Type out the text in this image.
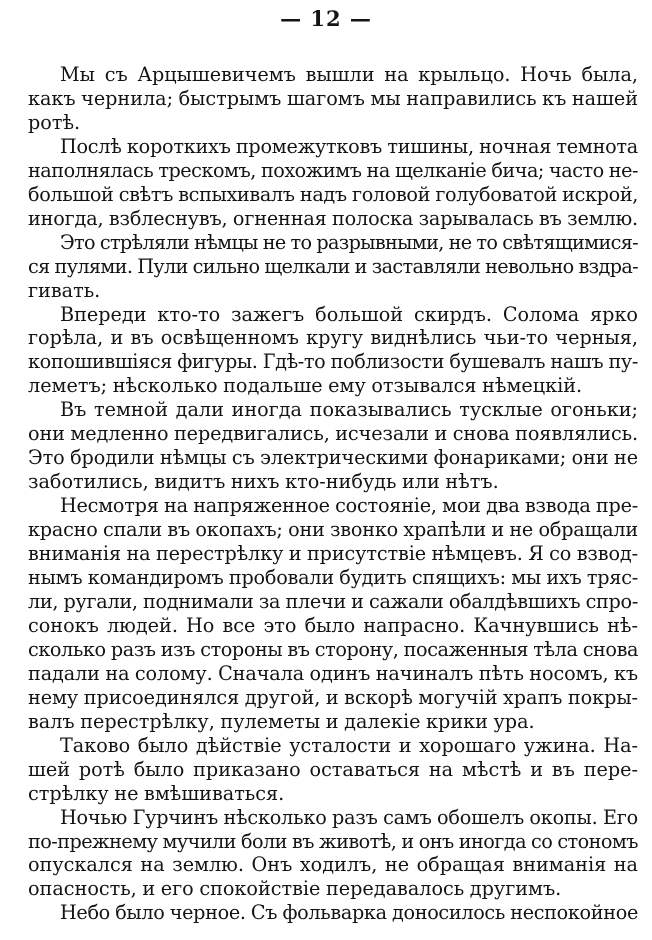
— 12 —

Мы съ Арцышевичемъ вышли на крыльцо. Ночь была,
какъ чернила; быстрымъ шагомъ мы направились къ нашей
ротѣ.

Послѣ короткихъ промежутковъ тишины, ночная темнота
наполнялась трескомъ, похожимъ на щелканіе бича; часто не-
большой свѣтъ вспыхивалъ надъ головой голубоватой искрой,
иногда, взблеснувъ, огненная полоска зарывалась въ землю.

Это стрѣляли нѣмцы не то разрывными, не то свѣтящимися-
ся пулями. Пули сильно щелкали и заставляли невольно вздра-
гивать.

Впереди кто-то зажегъ большой скирдъ. Солома ярко
горѣла, и въ освѣщенномъ кругу виднѣлись чьи-то черныя,
копошившіяся фигуры. Гдѣ-то поблизости бушевалъ нашъ пу-
леметъ; нѣсколько подальше ему отзывался нѣмецкій.

Въ темной дали иногда показывались тусклые огоньки;
они медленно передвигались, исчезали и снова появлялись.
Это бродили нѣмцы съ электрическими фонариками; они не
заботились, видитъ нихъ кто-нибудь или нѣтъ.

Несмотря на напряженное состояніе, мои два взвода пре-
красно спали въ окопахъ; они звонко храпѣли и не обращали
вниманія на перестрѣлку и присутствіе нѣмцевъ. Я со взвод-
нымъ командиромъ пробовали будить спящихъ: мы ихъ тряс-
ли, ругали, поднимали за плечи и сажали обалдѣвшихъ спро-
сонокъ людей. Но все это было напрасно. Качнувшись нѣ-
сколько разъ изъ стороны въ сторону, посаженныя тѣла снова
падали на солому. Сначала одинъ начиналъ пѣть носомъ, къ
нему присоединялся другой, и вскорѣ могучій храпъ покры-
валъ перестрѣлку, пулеметы и далекіе крики ура.

Таково было дѣйствіе усталости и хорошаго ужина. На-
шей ротѣ было приказано оставаться на мѣстѣ и въ пере-
стрѣлку не вмѣшиваться.

Ночью Гурчинъ нѣсколько разъ самъ обошелъ окопы. Его
по-прежнему мучили боли въ животѣ, и онъ иногда со стономъ
опускался на землю. Онъ ходилъ, не обращая вниманія на
опасность, и его спокойствіе передавалось другимъ.

Небо было черное. Съ фольварка доносилось неспокойное
